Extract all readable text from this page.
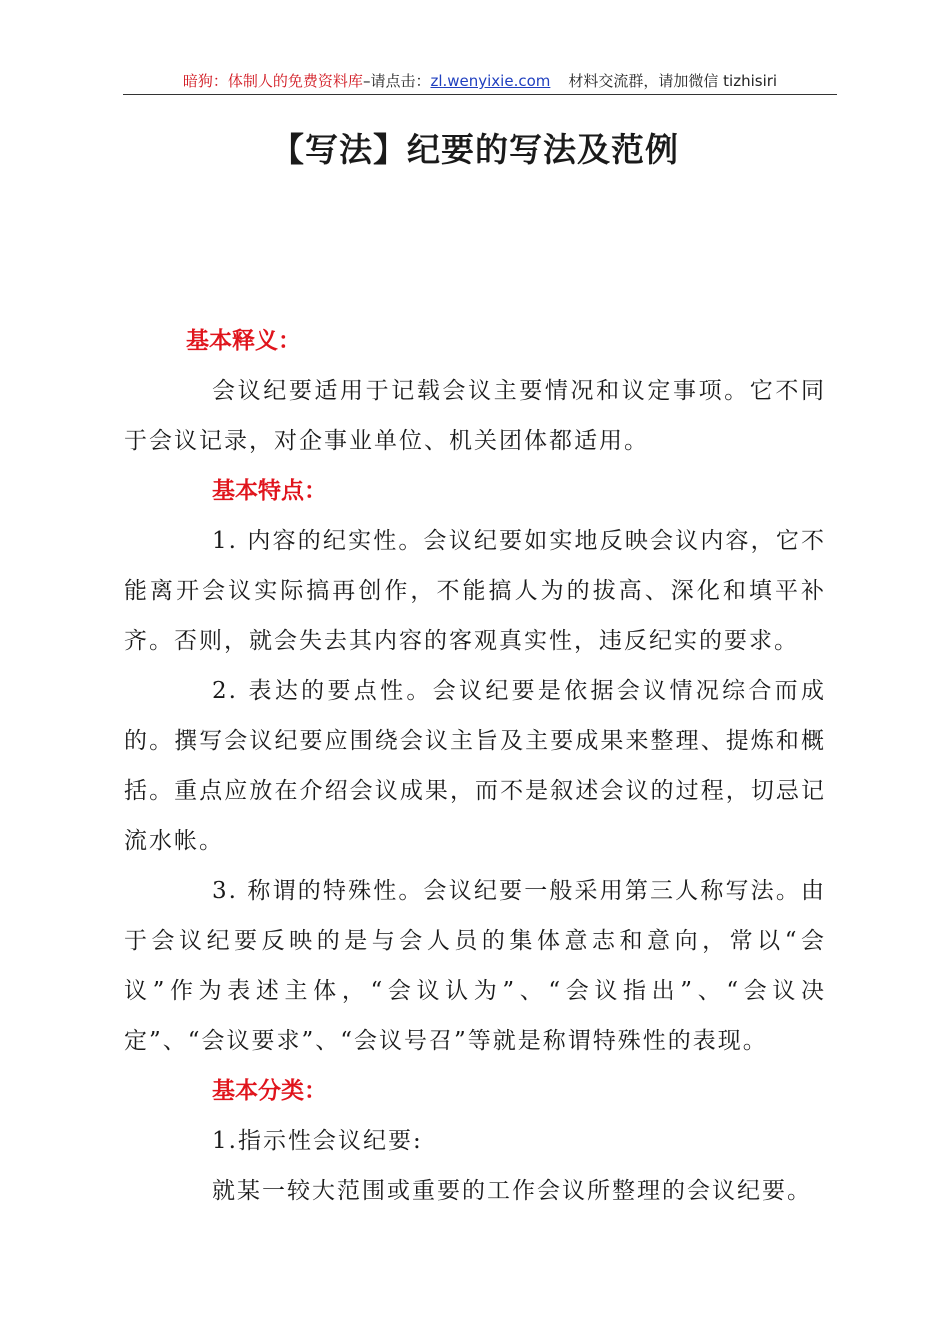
暗狗：体制人的免费资料库–请点击：zl.wenyixie.com 材料交流群，请加微信 tizhisiri
【写法】纪要的写法及范例

基本释义：

会议纪要适用于记载会议主要情况和议定事项。它不同于会议记录，对企事业单位、机关团体都适用。

基本特点：

1. 内容的纪实性。会议纪要如实地反映会议内容，它不能离开会议实际搞再创作，不能搞人为的拔高、深化和填平补齐。否则，就会失去其内容的客观真实性，违反纪实的要求。

2. 表达的要点性。会议纪要是依据会议情况综合而成的。撰写会议纪要应围绕会议主旨及主要成果来整理、提炼和概括。重点应放在介绍会议成果，而不是叙述会议的过程，切忌记流水帐。

3. 称谓的特殊性。会议纪要一般采用第三人称写法。由于会议纪要反映的是与会人员的集体意志和意向，常以“会议”作为表述主体，“会议认为”、“会议指出”、“会议决定”、“会议要求”、“会议号召”等就是称谓特殊性的表现。

基本分类：

1.指示性会议纪要:

就某一较大范围或重要的工作会议所整理的会议纪要。
